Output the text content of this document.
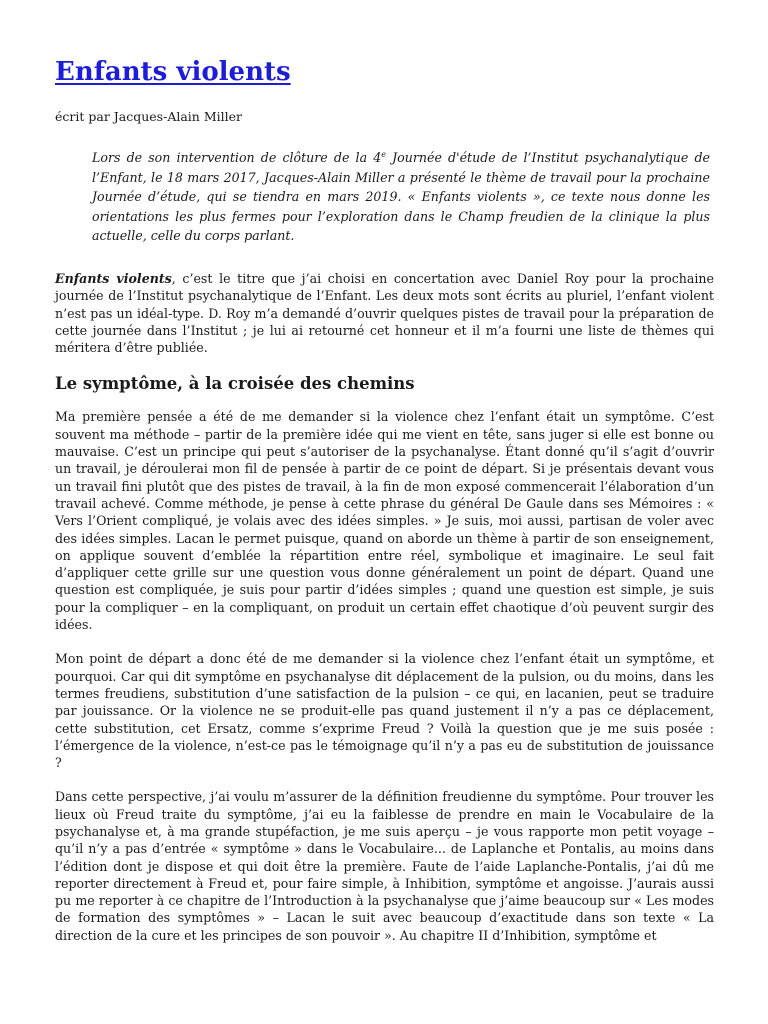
Enfants violents

écrit par Jacques-Alain Miller

Lors de son intervention de clôture de la 4e Journée d'étude de l’Institut psychanalytique de l’Enfant, le 18 mars 2017, Jacques-Alain Miller a présenté le thème de travail pour la prochaine Journée d’étude, qui se tiendra en mars 2019. « Enfants violents », ce texte nous donne les orientations les plus fermes pour l’exploration dans le Champ freudien de la clinique la plus actuelle, celle du corps parlant.

Enfants violents, c’est le titre que j’ai choisi en concertation avec Daniel Roy pour la prochaine journée de l’Institut psychanalytique de l’Enfant. Les deux mots sont écrits au pluriel, l’enfant violent n’est pas un idéal-type. D. Roy m’a demandé d’ouvrir quelques pistes de travail pour la préparation de cette journée dans l’Institut ; je lui ai retourné cet honneur et il m’a fourni une liste de thèmes qui méritera d’être publiée.

Le symptôme, à la croisée des chemins

Ma première pensée a été de me demander si la violence chez l’enfant était un symptôme. C’est souvent ma méthode – partir de la première idée qui me vient en tête, sans juger si elle est bonne ou mauvaise. C’est un principe qui peut s’autoriser de la psychanalyse. Étant donné qu’il s’agit d’ouvrir un travail, je déroulerai mon fil de pensée à partir de ce point de départ. Si je présentais devant vous un travail fini plutôt que des pistes de travail, à la fin de mon exposé commencerait l’élaboration d’un travail achevé. Comme méthode, je pense à cette phrase du général De Gaule dans ses Mémoires : « Vers l’Orient compliqué, je volais avec des idées simples. » Je suis, moi aussi, partisan de voler avec des idées simples. Lacan le permet puisque, quand on aborde un thème à partir de son enseignement, on applique souvent d’emblée la répartition entre réel, symbolique et imaginaire. Le seul fait d’appliquer cette grille sur une question vous donne généralement un point de départ. Quand une question est compliquée, je suis pour partir d’idées simples ; quand une question est simple, je suis pour la compliquer – en la compliquant, on produit un certain effet chaotique d’où peuvent surgir des idées.

Mon point de départ a donc été de me demander si la violence chez l’enfant était un symptôme, et pourquoi. Car qui dit symptôme en psychanalyse dit déplacement de la pulsion, ou du moins, dans les termes freudiens, substitution d’une satisfaction de la pulsion – ce qui, en lacanien, peut se traduire par jouissance. Or la violence ne se produit-elle pas quand justement il n’y a pas ce déplacement, cette substitution, cet Ersatz, comme s’exprime Freud ? Voilà la question que je me suis posée : l’émergence de la violence, n’est-ce pas le témoignage qu’il n’y a pas eu de substitution de jouissance ?

Dans cette perspective, j’ai voulu m’assurer de la définition freudienne du symptôme. Pour trouver les lieux où Freud traite du symptôme, j’ai eu la faiblesse de prendre en main le Vocabulaire de la psychanalyse et, à ma grande stupéfaction, je me suis aperçu – je vous rapporte mon petit voyage – qu’il n’y a pas d’entrée « symptôme » dans le Vocabulaire... de Laplanche et Pontalis, au moins dans l’édition dont je dispose et qui doit être la première. Faute de l’aide Laplanche-Pontalis, j’ai dû me reporter directement à Freud et, pour faire simple, à Inhibition, symptôme et angoisse. J’aurais aussi pu me reporter à ce chapitre de l’Introduction à la psychanalyse que j’aime beaucoup sur « Les modes de formation des symptômes » – Lacan le suit avec beaucoup d’exactitude dans son texte « La direction de la cure et les principes de son pouvoir ». Au chapitre II d’Inhibition, symptôme et
